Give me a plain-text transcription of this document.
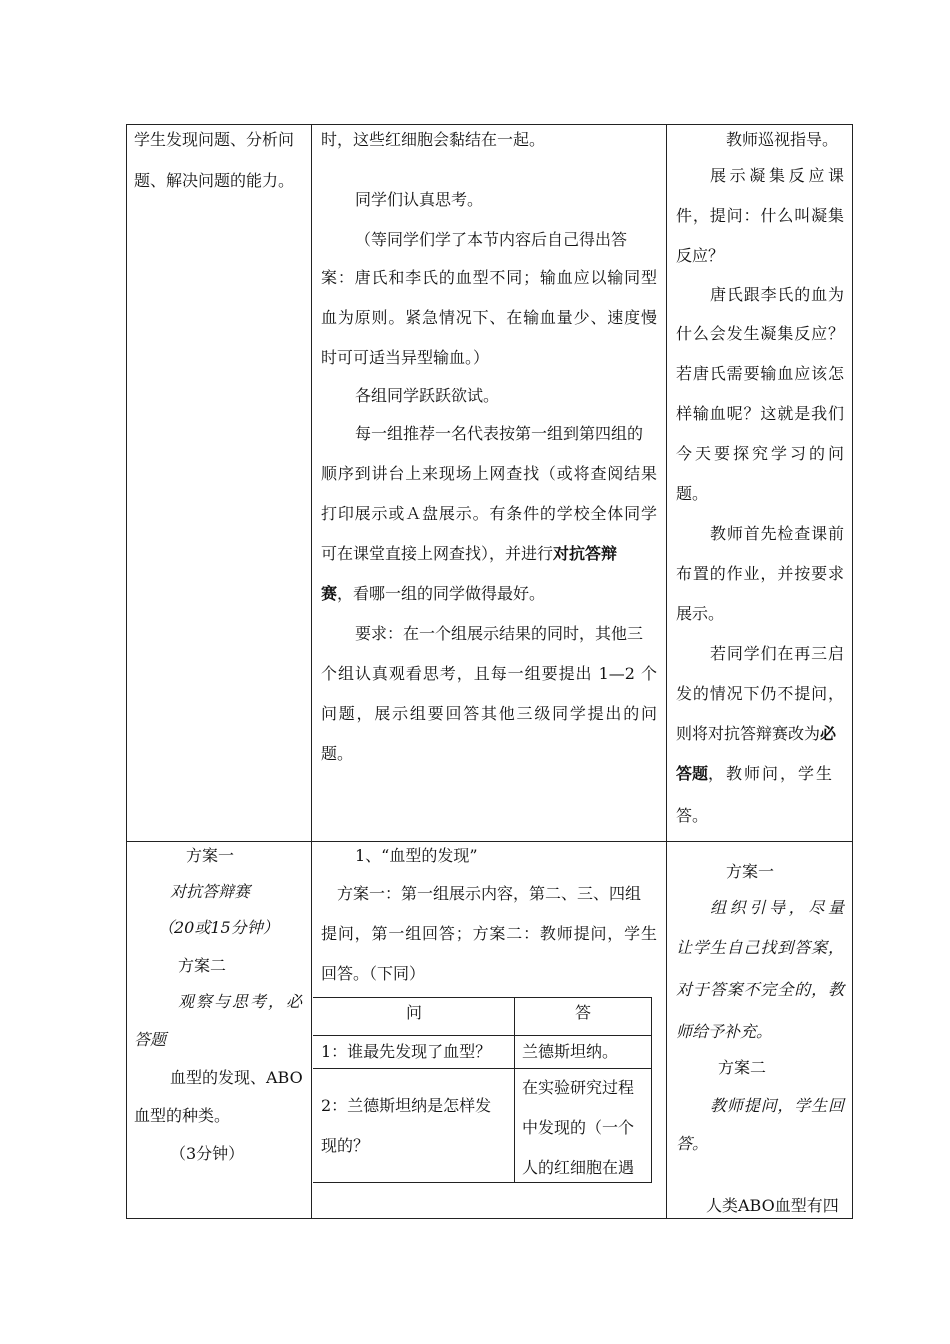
学生发现问题、分析问
题、解决问题的能力。
时，这些红细胞会黏结在一起。
同学们认真思考。
（等同学们学了本节内容后自己得出答
案：唐氏和李氏的血型不同；输血应以输同型
血为原则。紧急情况下、在输血量少、速度慢
时可可适当异型输血。）
各组同学跃跃欲试。
每一组推荐一名代表按第一组到第四组的
顺序到讲台上来现场上网查找（或将查阅结果
打印展示或Ａ盘展示。有条件的学校全体同学
可在课堂直接上网查找），并进行对抗答辩
赛，看哪一组的同学做得最好。
要求：在一个组展示结果的同时，其他三
个组认真观看思考，且每一组要提出 1—2 个
问题，展示组要回答其他三级同学提出的问
题。
教师巡视指导。
展示凝集反应课
件，提问：什么叫凝集
反应？
唐氏跟李氏的血为
什么会发生凝集反应？
若唐氏需要输血应该怎
样输血呢？这就是我们
今天要探究学习的问
题。
教师首先检查课前
布置的作业，并按要求
展示。
若同学们在再三启
发的情况下仍不提问，
则将对抗答辩赛改为必
答题，教师问，学生
答。
方案一
对抗答辩赛
（20或15分钟）
方案二
观察与思考，必
答题
血型的发现、ABO
血型的种类。
（3分钟）
1、“血型的发现”
方案一：第一组展示内容，第二、三、四组
提问，第一组回答；方案二：教师提问，学生
回答。（下同）
问	答
1：谁最先发现了血型？ 兰德斯坦纳。
2：兰德斯坦纳是怎样发
现的？
在实验研究过程
中发现的（一个
人的红细胞在遇
方案一
组织引导，尽量
让学生自己找到答案，
对于答案不完全的，教
师给予补充。
方案二
教师提问，学生回
答。
人类ABO血型有四
